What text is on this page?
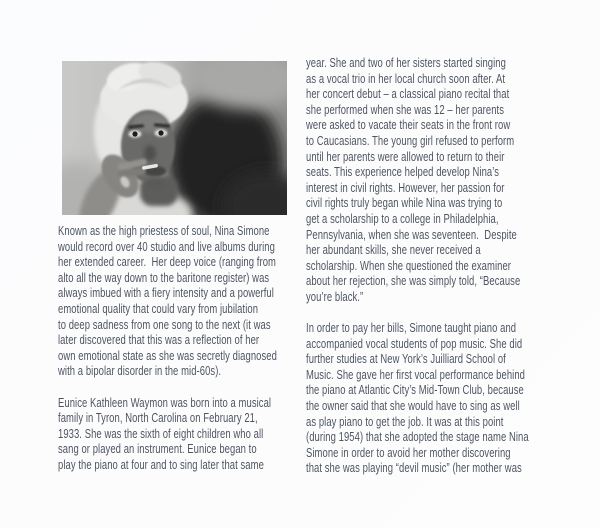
Known as the high priestess of soul, Nina Simone
would record over 40 studio and live albums during
her extended career.  Her deep voice (ranging from
alto all the way down to the baritone register) was
always imbued with a fiery intensity and a powerful
emotional quality that could vary from jubilation
to deep sadness from one song to the next (it was
later discovered that this was a reflection of her
own emotional state as she was secretly diagnosed
with a bipolar disorder in the mid-60s).
Eunice Kathleen Waymon was born into a musical
family in Tyron, North Carolina on February 21,
1933. She was the sixth of eight children who all
sang or played an instrument. Eunice began to
play the piano at four and to sing later that same
year. She and two of her sisters started singing
as a vocal trio in her local church soon after. At
her concert debut – a classical piano recital that
she performed when she was 12 – her parents
were asked to vacate their seats in the front row
to Caucasians. The young girl refused to perform
until her parents were allowed to return to their
seats. This experience helped develop Nina’s
interest in civil rights. However, her passion for
civil rights truly began while Nina was trying to
get a scholarship to a college in Philadelphia,
Pennsylvania, when she was seventeen.  Despite
her abundant skills, she never received a
scholarship. When she questioned the examiner
about her rejection, she was simply told, “Because
you’re black.”
In order to pay her bills, Simone taught piano and
accompanied vocal students of pop music. She did
further studies at New York’s Juilliard School of
Music. She gave her first vocal performance behind
the piano at Atlantic City’s Mid-Town Club, because
the owner said that she would have to sing as well
as play piano to get the job. It was at this point
(during 1954) that she adopted the stage name Nina
Simone in order to avoid her mother discovering
that she was playing “devil music” (her mother was
